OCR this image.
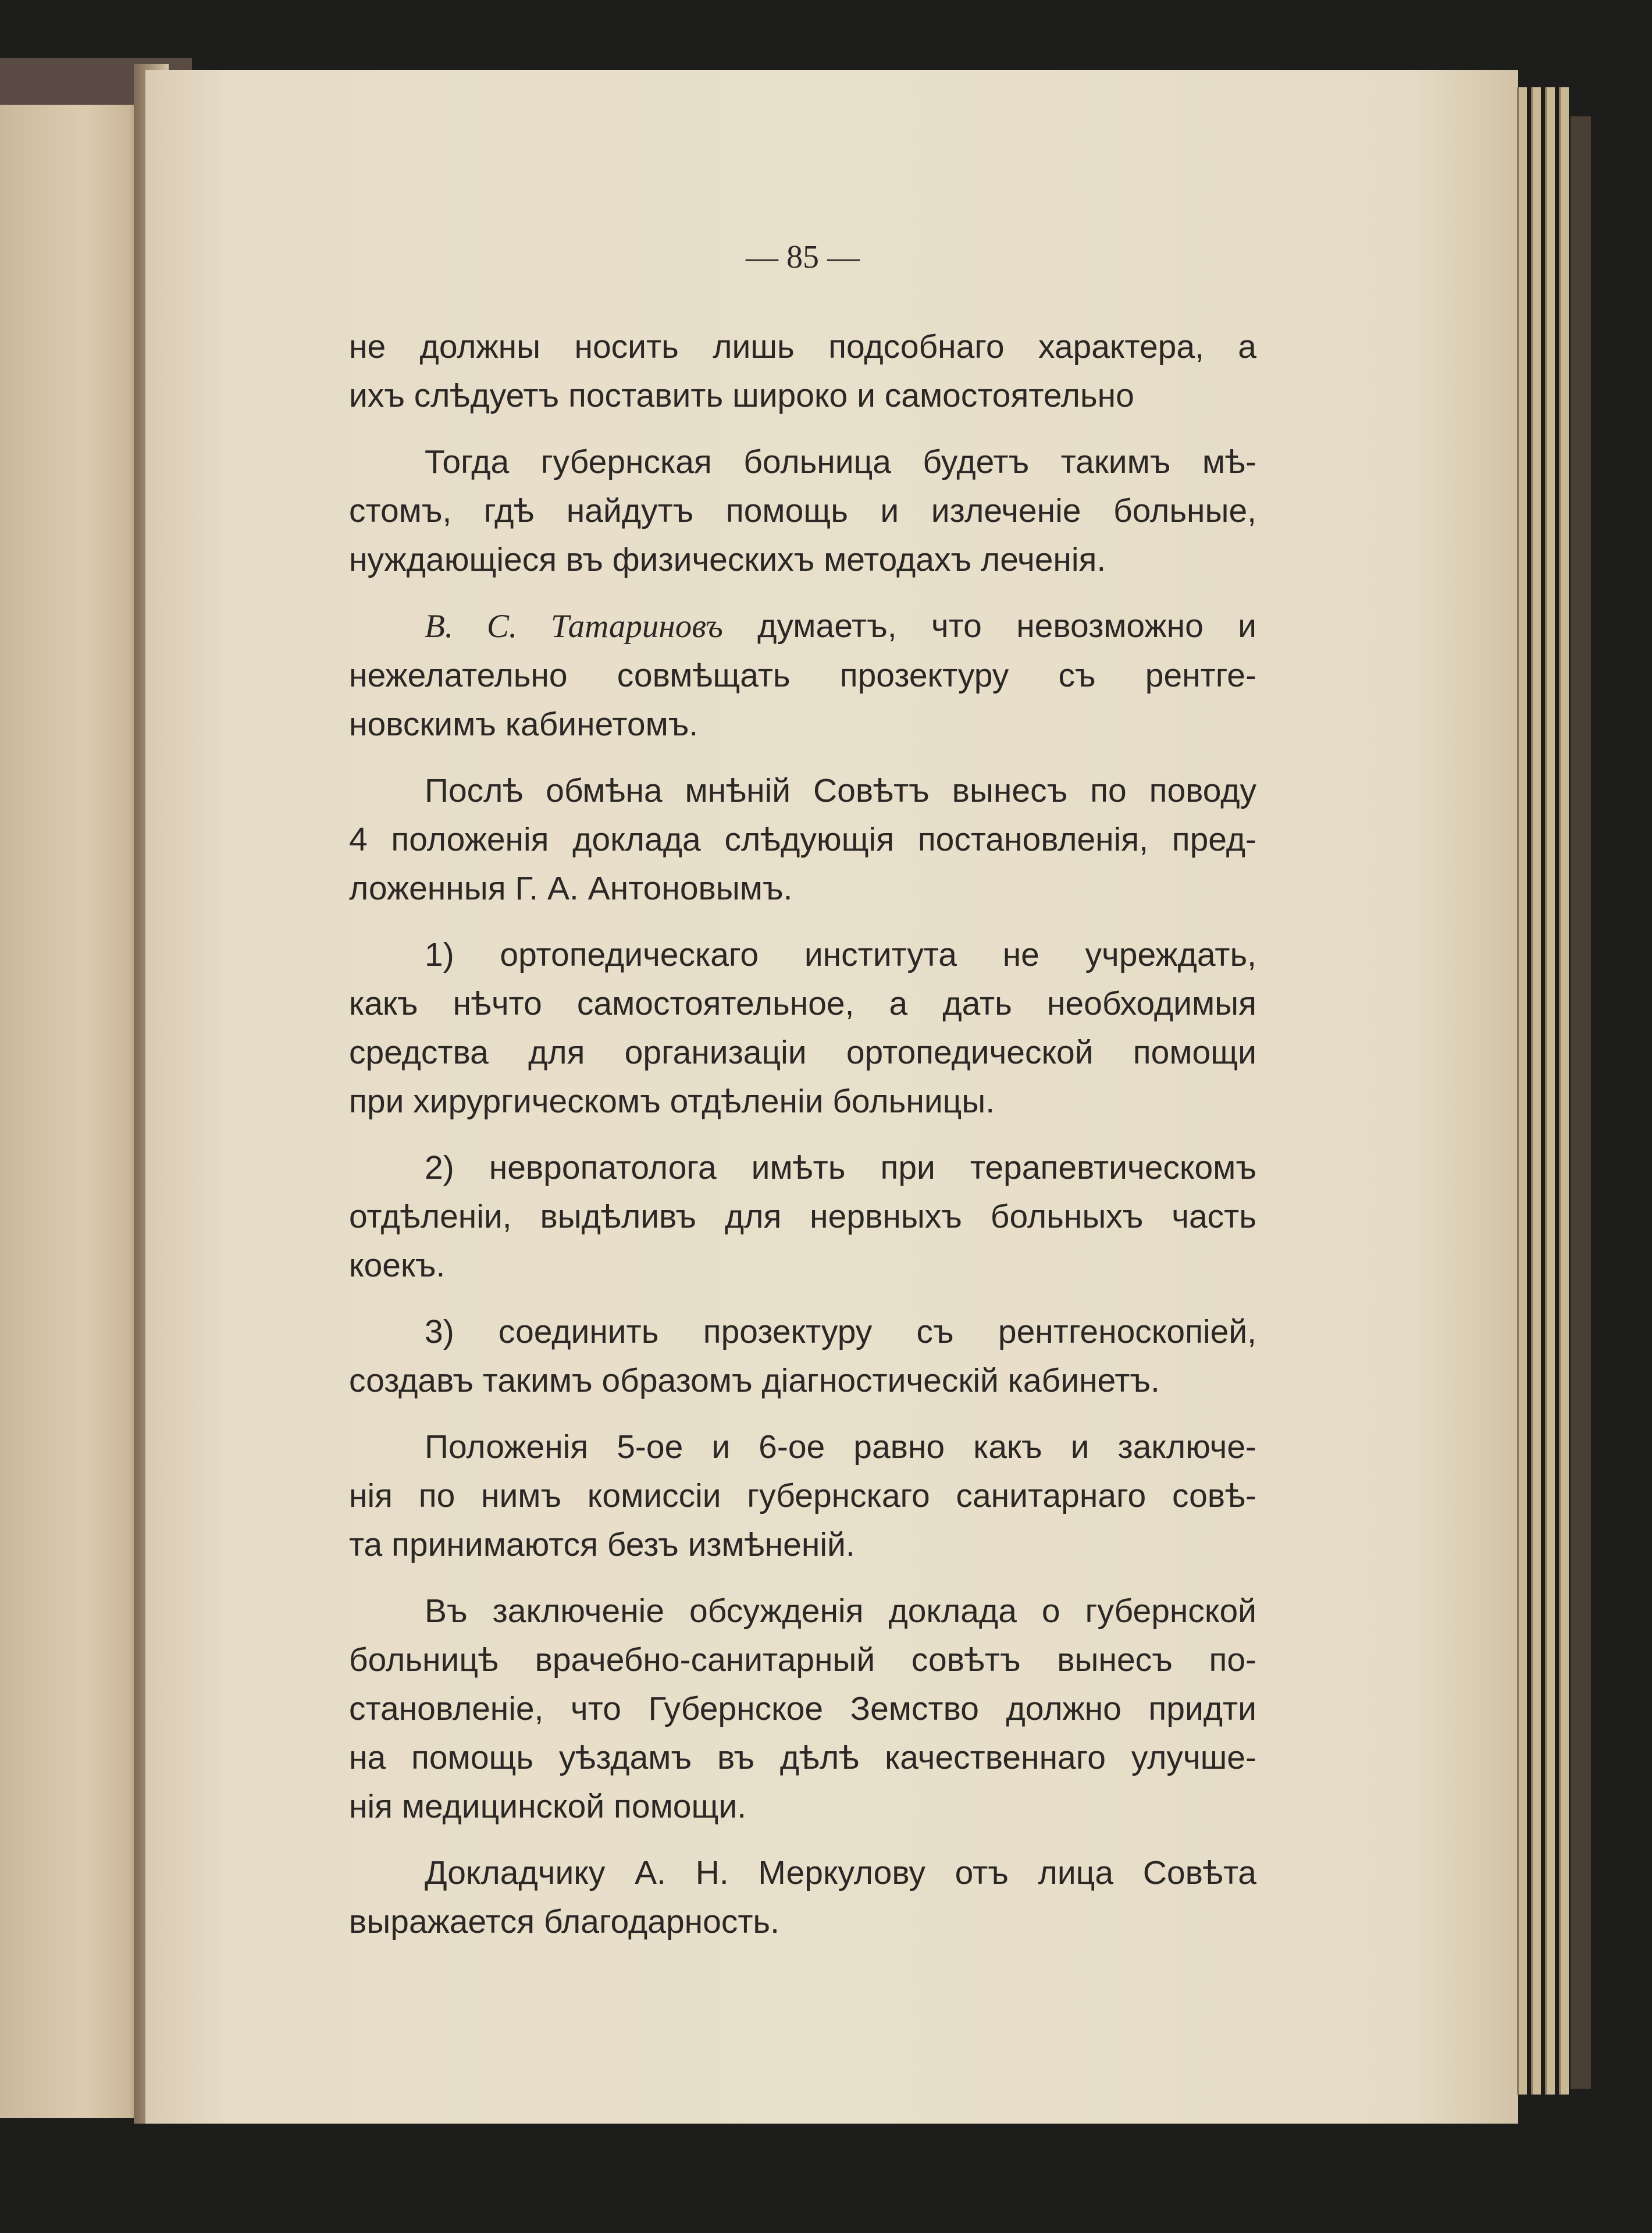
— 85 —

не должны носить лишь подсобнаго характера, а
ихъ слѣдуетъ поставить широко и самостоятельно

Тогда губернская больница будетъ такимъ мѣ-
стомъ, гдѣ найдутъ помощь и излеченіе больные,
нуждающіеся въ физическихъ методахъ леченія.

В. С. Татариновъ думаетъ, что невозможно и
нежелательно совмѣщать прозектуру съ рентге-
новскимъ кабинетомъ.

Послѣ обмѣна мнѣній Совѣтъ вынесъ по поводу
4 положенія доклада слѣдующія постановленія, пред-
ложенныя Г. А. Антоновымъ.

1) ортопедическаго института не учреждать,
какъ нѣчто самостоятельное, а дать необходимыя
средства для организаціи ортопедической помощи
при хирургическомъ отдѣленіи больницы.

2) невропатолога имѣть при терапевтическомъ
отдѣленіи, выдѣливъ для нервныхъ больныхъ часть
коекъ.

3) соединить прозектуру съ рентгеноскопіей,
создавъ такимъ образомъ діагностическій кабинетъ.

Положенія 5-ое и 6-ое равно какъ и заключе-
нія по нимъ комиссіи губернскаго санитарнаго совѣ-
та принимаются безъ измѣненій.

Въ заключеніе обсужденія доклада о губернской
больницѣ врачебно-санитарный совѣтъ вынесъ по-
становленіе, что Губернское Земство должно придти
на помощь уѣздамъ въ дѣлѣ качественнаго улучше-
нія медицинской помощи.

Докладчику А. Н. Меркулову отъ лица Совѣта
выражается благодарность.
